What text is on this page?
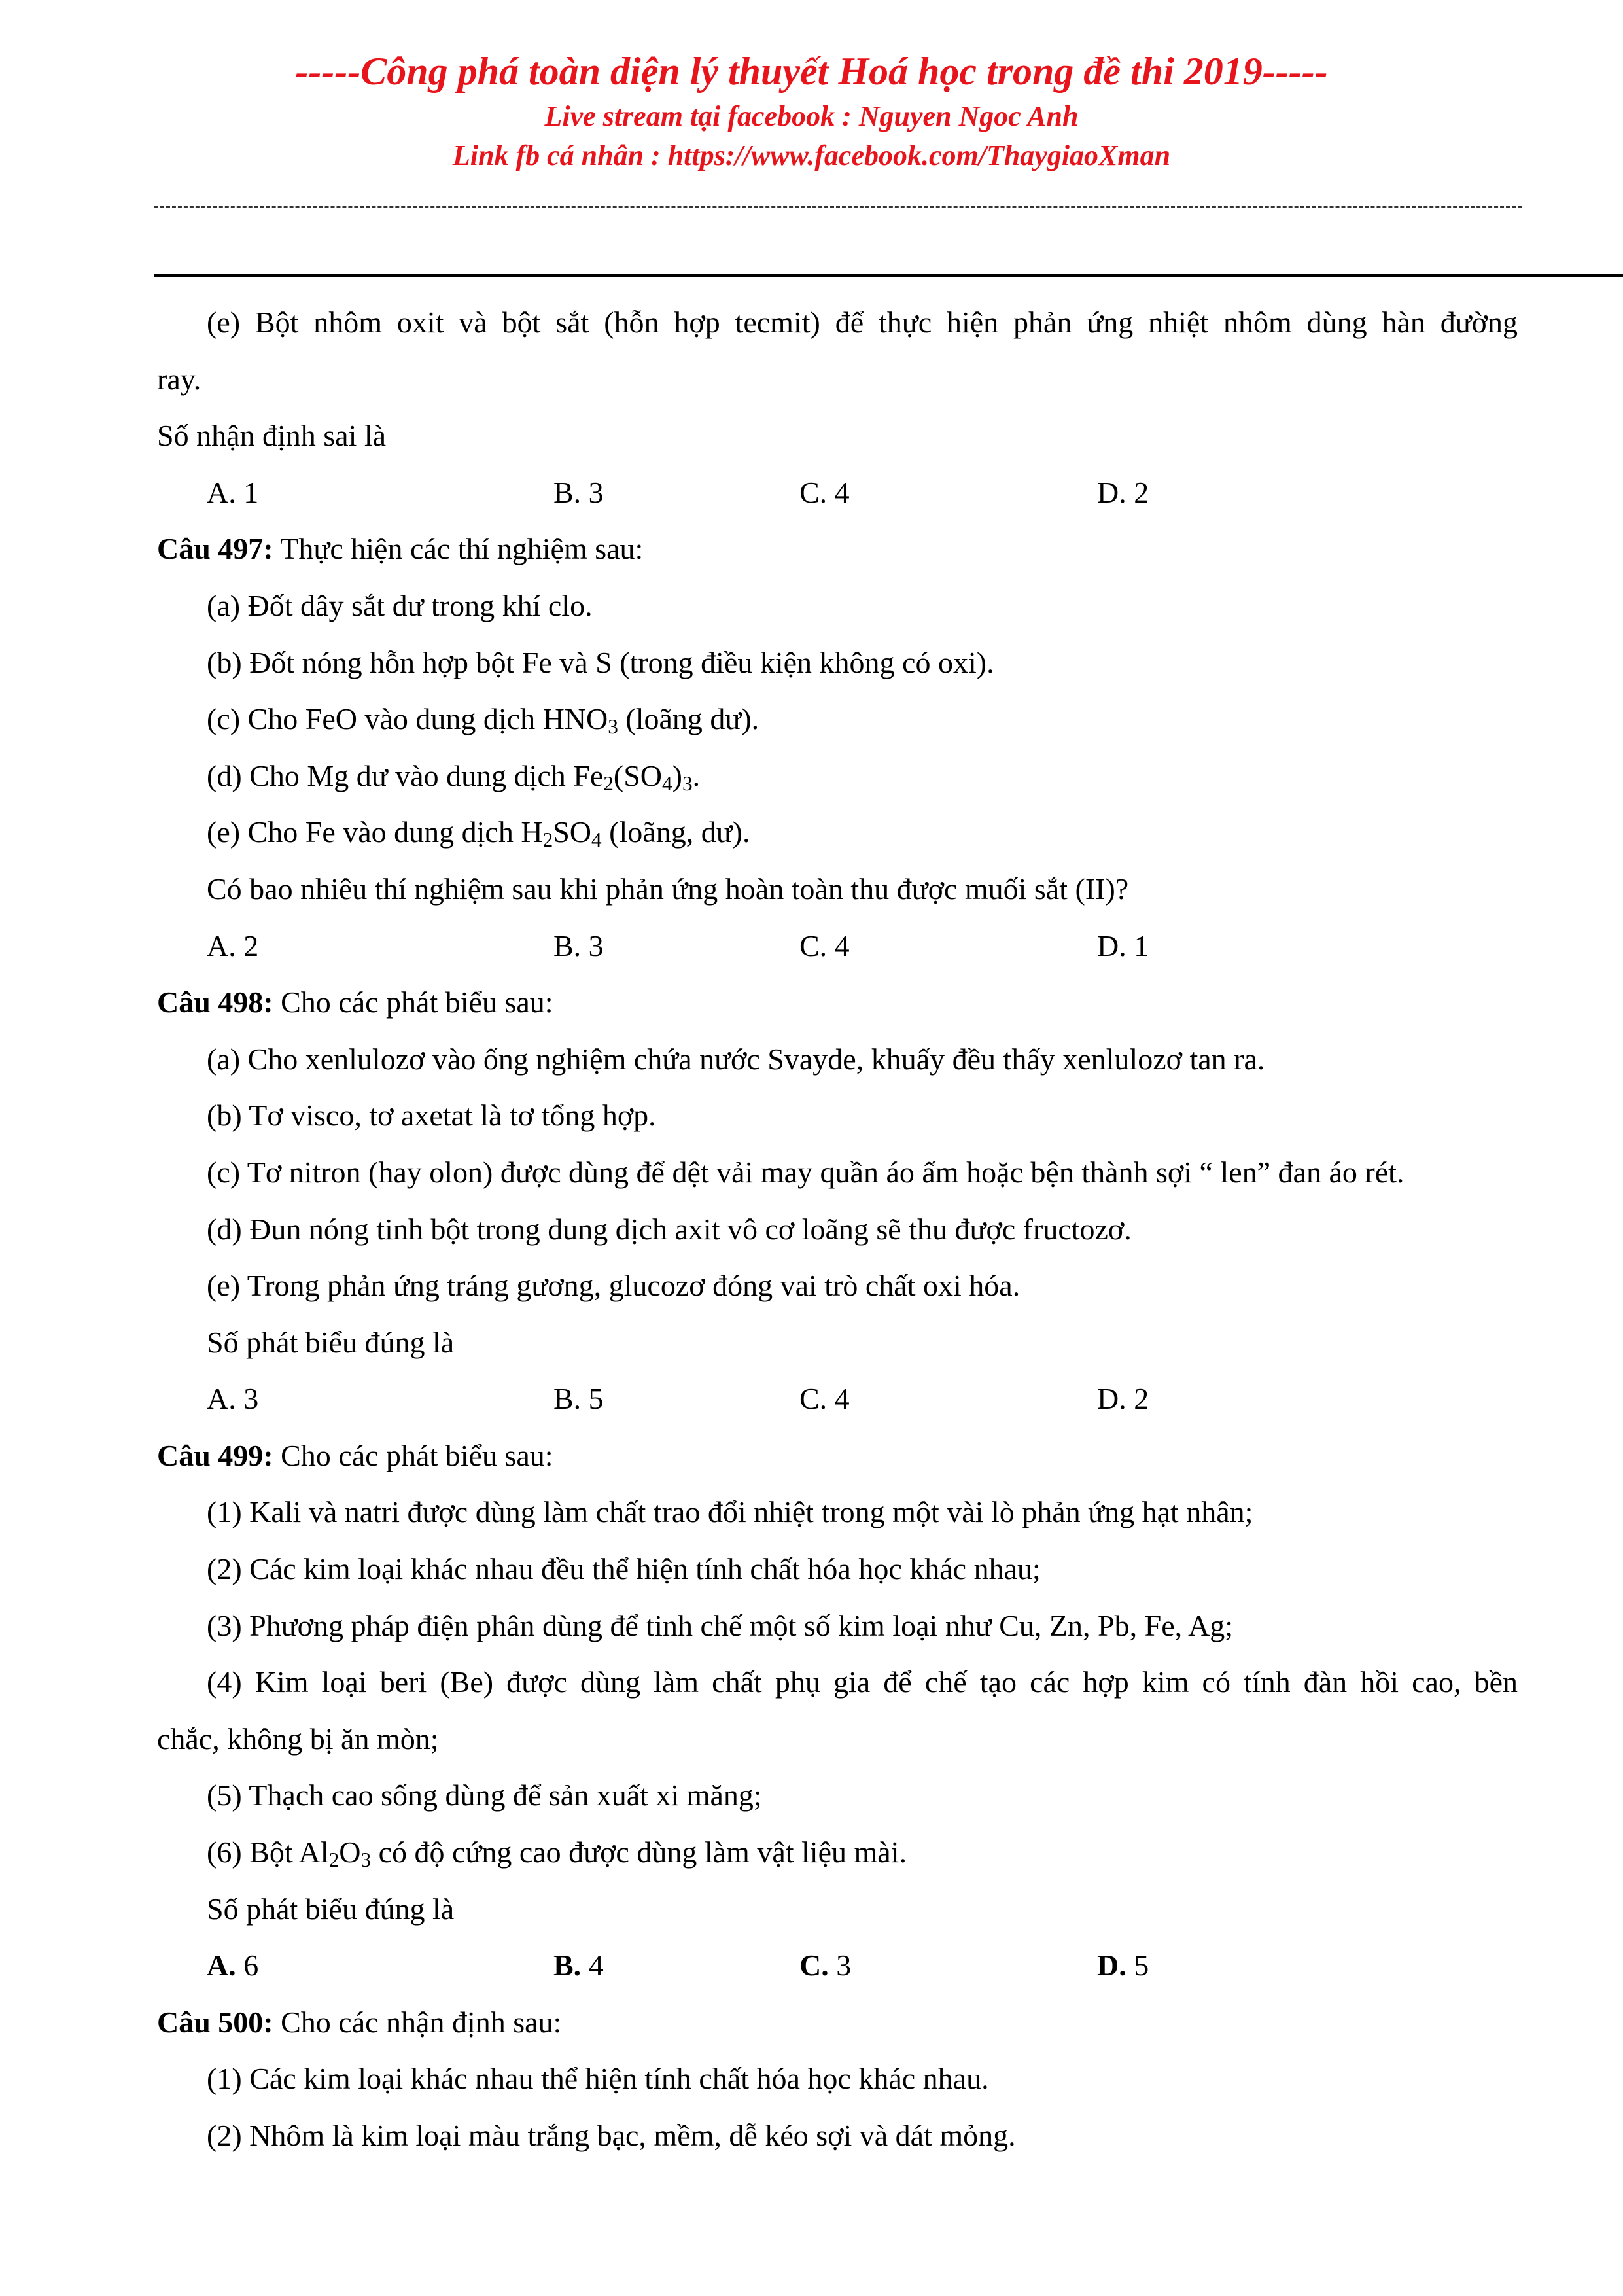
-----Công phá toàn diện lý thuyết Hoá học trong đề thi 2019-----
Live stream tại facebook : Nguyen Ngoc Anh
Link fb cá nhân : https://www.facebook.com/ThaygiaoXman
(e) Bột nhôm oxit và bột sắt (hỗn hợp tecmit) để thực hiện phản ứng nhiệt nhôm dùng hàn đường
ray.
Số nhận định sai là
A. 1	B. 3	C. 4	D. 2
Câu 497: Thực hiện các thí nghiệm sau:
(a) Đốt dây sắt dư trong khí clo.
(b) Đốt nóng hỗn hợp bột Fe và S (trong điều kiện không có oxi).
(c) Cho FeO vào dung dịch $HNO_3$ (loãng dư).
(d) Cho Mg dư vào dung dịch $Fe_2(SO_4)_3$.
(e) Cho Fe vào dung dịch $H_2SO_4$ (loãng, dư).
Có bao nhiêu thí nghiệm sau khi phản ứng hoàn toàn thu được muối sắt (II)?
A. 2	B. 3	C. 4	D. 1
Câu 498: Cho các phát biểu sau:
(a) Cho xenlulozơ vào ống nghiệm chứa nước Svayde, khuấy đều thấy xenlulozơ tan ra.
(b) Tơ visco, tơ axetat là tơ tổng hợp.
(c) Tơ nitron (hay olon) được dùng để dệt vải may quần áo ấm hoặc bện thành sợi “ len” đan áo rét.
(d) Đun nóng tinh bột trong dung dịch axit vô cơ loãng sẽ thu được fructozơ.
(e) Trong phản ứng tráng gương, glucozơ đóng vai trò chất oxi hóa.
Số phát biểu đúng là
A. 3	B. 5	C. 4	D. 2
Câu 499: Cho các phát biểu sau:
(1) Kali và natri được dùng làm chất trao đổi nhiệt trong một vài lò phản ứng hạt nhân;
(2) Các kim loại khác nhau đều thể hiện tính chất hóa học khác nhau;
(3) Phương pháp điện phân dùng để tinh chế một số kim loại như Cu, Zn, Pb, Fe, Ag;
(4) Kim loại beri (Be) được dùng làm chất phụ gia để chế tạo các hợp kim có tính đàn hồi cao, bền
chắc, không bị ăn mòn;
(5) Thạch cao sống dùng để sản xuất xi măng;
(6) Bột $Al_2O_3$ có độ cứng cao được dùng làm vật liệu mài.
Số phát biểu đúng là
A. 6	B. 4	C. 3	D. 5
Câu 500: Cho các nhận định sau:
(1) Các kim loại khác nhau thể hiện tính chất hóa học khác nhau.
(2) Nhôm là kim loại màu trắng bạc, mềm, dễ kéo sợi và dát mỏng.
